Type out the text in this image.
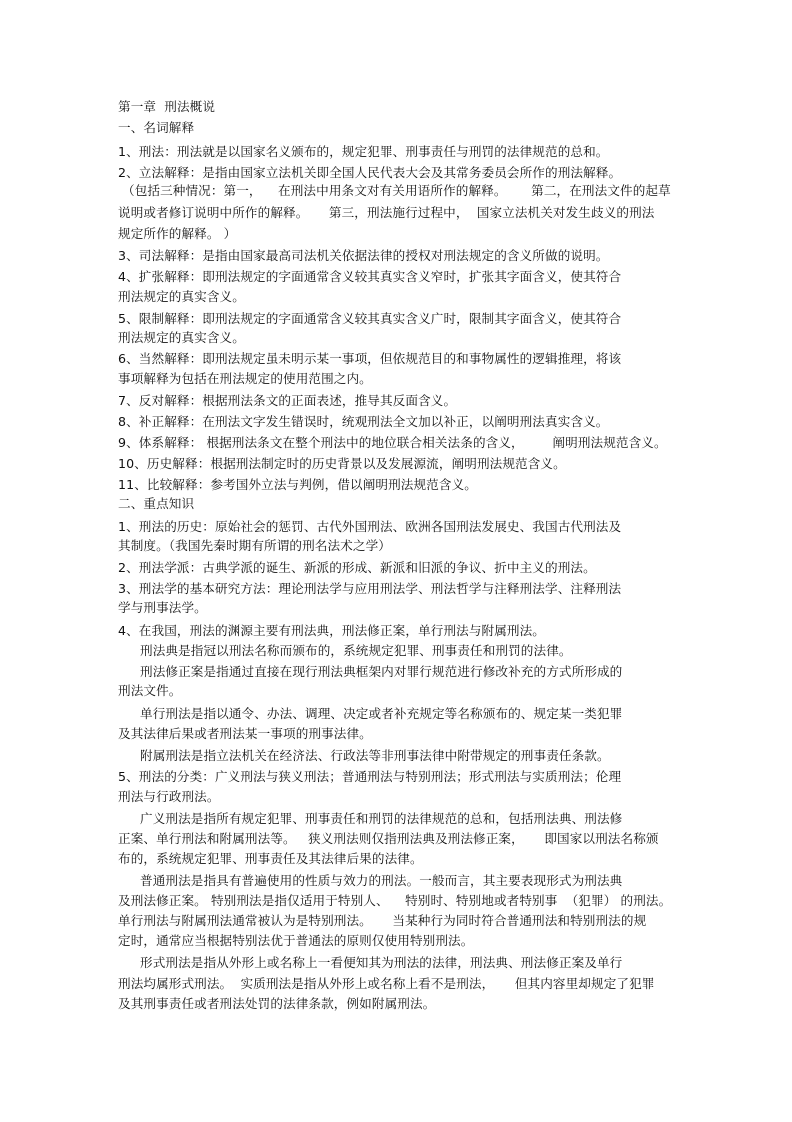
第一章  刑法概说
一、名词解释
1、刑法：刑法就是以国家名义颁布的，规定犯罪、刑事责任与刑罚的法律规范的总和。
2、立法解释：是指由国家立法机关即全国人民代表大会及其常务委员会所作的刑法解释。
（包括三种情况：第一，    在刑法中用条文对有关用语所作的解释。      第二，在刑法文件的起草
说明或者修订说明中所作的解释。     第三，刑法施行过程中，  国家立法机关对发生歧义的刑法
规定所作的解释。 ）
3、司法解释：是指由国家最高司法机关依据法律的授权对刑法规定的含义所做的说明。
4、扩张解释：即刑法规定的字面通常含义较其真实含义窄时，扩张其字面含义，使其符合
刑法规定的真实含义。
5、限制解释：即刑法规定的字面通常含义较其真实含义广时，限制其字面含义，使其符合
刑法规定的真实含义。
6、当然解释：即刑法规定虽未明示某一事项，但依规范目的和事物属性的逻辑推理，将该
事项解释为包括在刑法规定的使用范围之内。
7、反对解释：根据刑法条文的正面表述，推导其反面含义。
8、补正解释：在刑法文字发生错误时，统观刑法全文加以补正，以阐明刑法真实含义。
9、体系解释： 根据刑法条文在整个刑法中的地位联合相关法条的含义，       阐明刑法规范含义。
10、历史解释：根据刑法制定时的历史背景以及发展源流，阐明刑法规范含义。
11、比较解释：参考国外立法与判例，借以阐明刑法规范含义。
二、重点知识
1、刑法的历史：原始社会的惩罚、古代外国刑法、欧洲各国刑法发展史、我国古代刑法及
其制度。（我国先秦时期有所谓的刑名法术之学）
2、刑法学派：古典学派的诞生、新派的形成、新派和旧派的争议、折中主义的刑法。
3、刑法学的基本研究方法：理论刑法学与应用刑法学、刑法哲学与注释刑法学、注释刑法
学与刑事法学。
4、在我国，刑法的渊源主要有刑法典，刑法修正案，单行刑法与附属刑法。
刑法典是指冠以刑法名称而颁布的，系统规定犯罪、刑事责任和刑罚的法律。
刑法修正案是指通过直接在现行刑法典框架内对罪行规范进行修改补充的方式所形成的
刑法文件。
单行刑法是指以通令、办法、调理、决定或者补充规定等名称颁布的、规定某一类犯罪
及其法律后果或者刑法某一事项的刑事法律。
附属刑法是指立法机关在经济法、行政法等非刑事法律中附带规定的刑事责任条款。
5、刑法的分类：广义刑法与狭义刑法；普通刑法与特别刑法；形式刑法与实质刑法；伦理
刑法与行政刑法。
广义刑法是指所有规定犯罪、刑事责任和刑罚的法律规范的总和，包括刑法典、刑法修
正案、单行刑法和附属刑法等。   狭义刑法则仅指刑法典及刑法修正案，     即国家以刑法名称颁
布的，系统规定犯罪、刑事责任及其法律后果的法律。
普通刑法是指具有普遍使用的性质与效力的刑法。一般而言，其主要表现形式为刑法典
及刑法修正案。 特别刑法是指仅适用于特别人、    特别时、特别地或者特别事  （犯罪） 的刑法。
单行刑法与附属刑法通常被认为是特别刑法。     当某种行为同时符合普通刑法和特别刑法的规
定时，通常应当根据特别法优于普通法的原则仅使用特别刑法。
形式刑法是指从外形上或名称上一看便知其为刑法的法律，刑法典、刑法修正案及单行
刑法均属形式刑法。  实质刑法是指从外形上或名称上看不是刑法，     但其内容里却规定了犯罪
及其刑事责任或者刑法处罚的法律条款，例如附属刑法。
